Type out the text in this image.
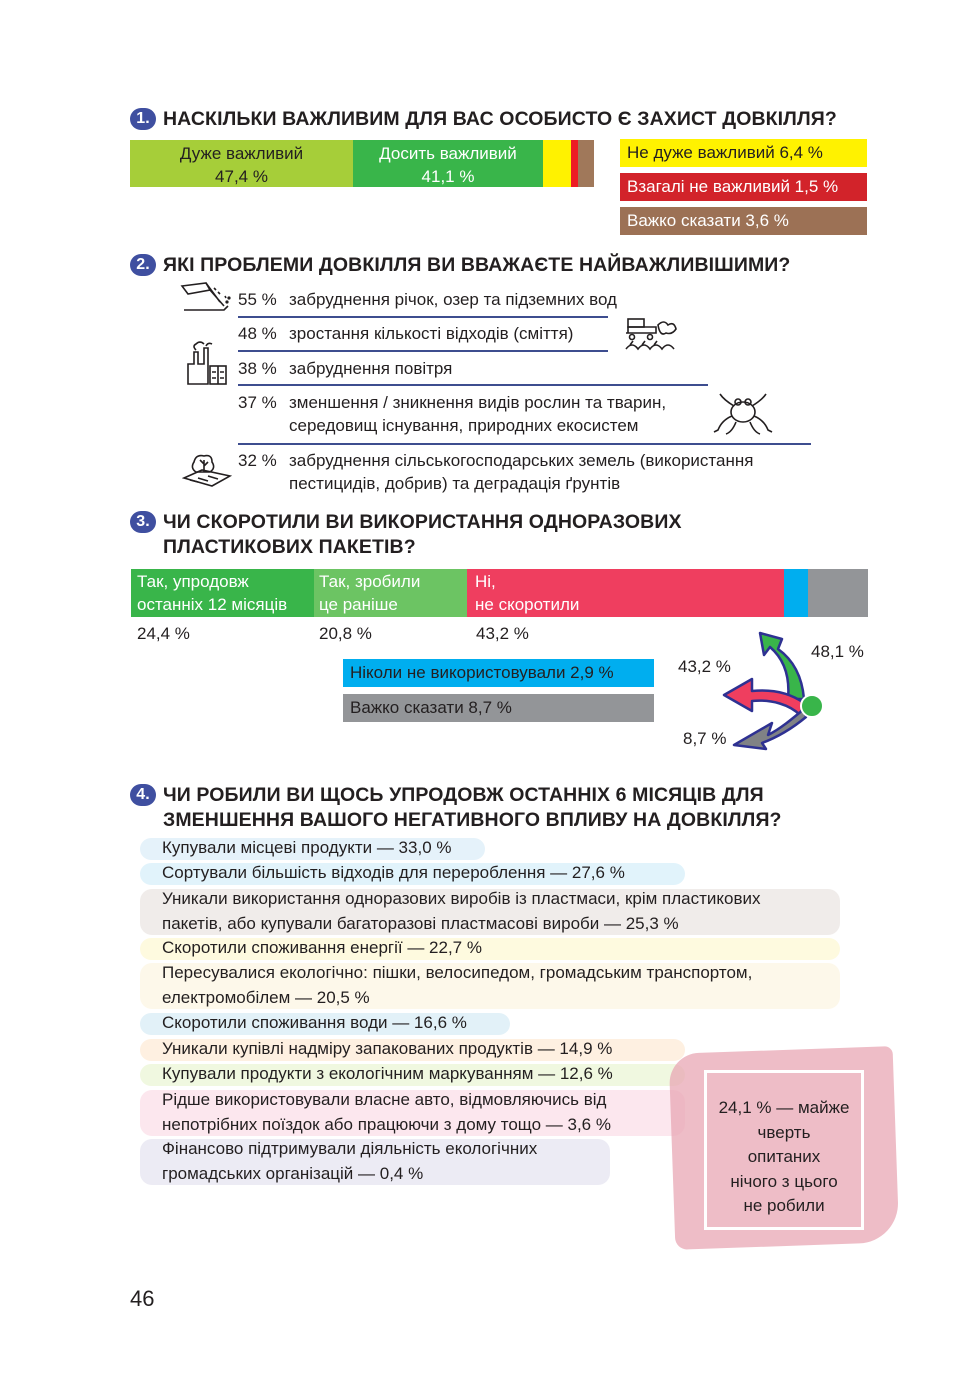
1. НАСКІЛЬКИ ВАЖЛИВИМ ДЛЯ ВАС ОСОБИСТО Є ЗАХИСТ ДОВКІЛЛЯ?
Дуже важливий
47,4 %
Досить важливий
41,1 %
Не дуже важливий 6,4 %
Взагалі не важливий 1,5 %
Важко сказати 3,6 %
2. ЯКІ ПРОБЛЕМИ ДОВКІЛЛЯ ВИ ВВАЖАЄТЕ НАЙВАЖЛИВІШИМИ?
55 % забруднення річок, озер та підземних вод
48 % зростання кількості відходів (сміття)
38 % забруднення повітря
37 % зменшення / зникнення видів рослин та тварин,
середовищ існування, природних екосистем
32 % забруднення сільськогосподарських земель (використання
пестицидів, добрив) та деградація ґрунтів
3. ЧИ СКОРОТИЛИ ВИ ВИКОРИСТАННЯ ОДНОРАЗОВИХ
ПЛАСТИКОВИХ ПАКЕТІВ?
Так, упродовж
останніх 12 місяців
Так, зробили
це раніше
Ні,
не скоротили
24,4 %	20,8 %	43,2 %
Ніколи не використовували 2,9 %
Важко сказати 8,7 %
48,1 %
43,2 %
8,7 %
4. ЧИ РОБИЛИ ВИ ЩОСЬ УПРОДОВЖ ОСТАННІХ 6 МІСЯЦІВ ДЛЯ
ЗМЕНШЕННЯ ВАШОГО НЕГАТИВНОГО ВПЛИВУ НА ДОВКІЛЛЯ?
Купували місцеві продукти — 33,0 %
Сортували більшість відходів для перероблення — 27,6 %
Уникали використання одноразових виробів із пластмаси, крім пластикових
пакетів, або купували багаторазові пластмасові вироби — 25,3 %
Скоротили споживання енергії — 22,7 %
Пересувалися екологічно: пішки, велосипедом, громадським транспортом,
електромобілем — 20,5 %
Скоротили споживання води — 16,6 %
Уникали купівлі надміру запакованих продуктів — 14,9 %
Купували продукти з екологічним маркуванням — 12,6 %
Рідше використовували власне авто, відмовляючись від
непотрібних поїздок або працюючи з дому тощо — 3,6 %
Фінансово підтримували діяльність екологічних
громадських організацій — 0,4 %
24,1 % — майже
чверть
опитаних
нічого з цього
не робили
46
